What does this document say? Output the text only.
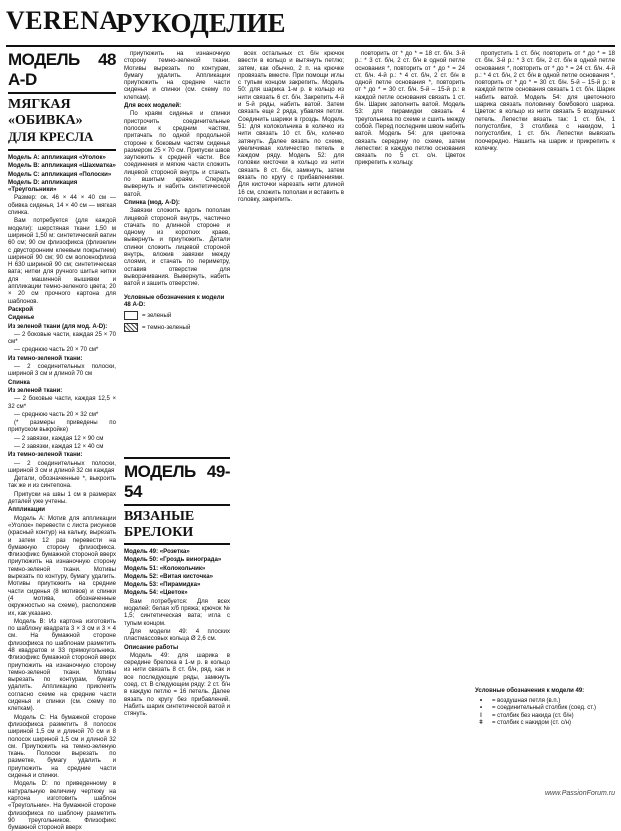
VERENA
РУКОДЕЛИЕ
МОДЕЛЬ 48 A-D
МЯГКАЯ «ОБИВКА»
ДЛЯ КРЕСЛА

Модель А: аппликация «Уголок»

Модель В: аппликация «Шахматка»

Модель С: аппликация «Полоски»

Модель D: аппликация «Треугольники»

Размер: ок. 46 × 44 × 40 см — обивка сиденья, 14 × 40 см — мягкая спинка.

Вам потребуется (для каждой модели): шерстяная ткани 1,50 м шириной 1,50 м: синтетический ватин 60 см; 90 см флизофикса (флизелин с двусторонним клеевым покрытием) шириной 90 см; 90 см волокнофлиза Н 630 шириной 90 см; синтетическая вата; нитки для ручного шитья нитки для машинной вышивки и аппликации темно-зеленого цвета; 20 × 20 см прочного картона для шаблонов.

Раскрой

Сиденье

Из зеленой ткани (для мод. A-D):

— 2 боковые части, каждая 25 × 70 см*

— среднюю часть 20 × 70 см*

Из темно-зеленой ткани:

— 2 соединительных полоски, шириной 3 см и длиной 70 см

Спинка

Из зеленой ткани:

— 2 боковые части, каждая 12,5 × 32 см*

— среднюю часть 20 × 32 см*

(* размеры приведены по припуском выкройке)

— 2 завязки, каждая 12 × 90 см

— 2 завязки, каждая 12 × 40 см

Из темно-зеленой ткани:

— 2 соединительных полоски, шириной 3 см и длиной 32 см каждая

Детали, обозначенные *, выкроить так же и из синтепона.

Припуски на швы 1 см в размерах деталей уже учтены.

Аппликации

Модель А: Мотив для аппликации «Уголок» перевести с листа рисунков (красный контур) на кальку, вырезать и затем 12 раз перевести на бумажную сторону флизофикса. Флизофикс бумажной стороной вверх приутюжить на изнаночную сторону темно-зеленой ткани. Мотивы вырезать по контуру, бумагу удалить. Мотивы приутюжить на средние части сиденья (8 мотивов) и спинки (4 мотива, обозначенные окружностью на схеме), расположив их, как указано.

Модель В: Из картона изготовить по шаблону квадрата 3 × 3 см и 3 × 4 см. На бумажной стороне флизофикса по шаблонам разметить 48 квадратов и 33 прямоугольника. Флизофикс бумажной стороной вверх приутюжить на изнаночную сторону темно-зеленой ткани. Мотивы вырезать по контурам, бумагу удалить. Аппликацию приклеить согласно схеме на средние части сиденья и спинки (см. схему по клеткам).

Модель С: На бумажной стороне флизофикса разметить 8 полосок шириной 1,5 см и длиной 70 см и 8 полосок шириной 1,5 см и длиной 32 см. Приутюжить на темно-зеленую ткань. Полоски вырезать по разметке, бумагу удалить и приутюжить на средние части сиденья и спинки.

Модель D: по приведенному в натуральную величину чертежу на картона изготовить шаблон «Треугольник». На бумажной стороне флизофикса по шаблону разметить 90 треугольников. Флизофикс бумажной стороной вверх

приутюжить на изнаночную сторону темно-зеленой ткани. Мотивы вырезать по контурам, бумагу удалить. Аппликации приутюжить на средние части сиденья и спинки (см. схему по клеткам).

Для всех моделей:

По краям сиденья и спинки пристрочить соединительные полоски к средним частям, притачать по одной продольной стороне к боковым частям сиденья размером 25 × 70 см. Припуски швов заутюжить к средней части. Все соединения и мягкие части сложить лицевой стороной внутрь и стачать по вшитым краям. Спереди вывернуть и набить синтетической ватой.

Спинка (мод. A-D):

Завязки сложить вдоль пополам лицевой стороной внутрь, частично стачать по длинной стороне и одному из коротких краев, вывернуть и приутюжить. Детали спинки сложить лицевой стороной внутрь, вложив завязки между слоями, и стачать по периметру, оставив отверстие для выворачивания. Вывернуть, набить ватой и зашить отверстие.

Условные обозначения к модели 48 А-D:

= зеленый
= темно-зеленый
МОДЕЛЬ 49-54
ВЯЗАНЫЕ БРЕЛОКИ

Модель 49: «Розетка»

Модель 50: «Гроздь винограда»

Модель 51: «Колокольчик»

Модель 52: «Витая кисточка»

Модель 53: «Пирамидка»

Модель 54: «Цветок»

Вам потребуется: Для всех моделей: белая х/б пряжа; крючок № 1,5; синтетическая вата; игла с тупым концом.

Для модели 49: 4 плоских пластмассовых кольца Ø 2,6 см.

Описание работы

Модель 49: для шарика в середине брелока в 1-м р. в кольцо из нити связать 8 ст. б/н, ряд, как и все последующие ряды, замкнуть соед. ст. В следующем ряду: 2 ст. б/н в каждую петлю = 16 петель. Далее вязать по кругу без прибавлений. Набить шарик синтетической ватой и стянуть.

всех остальных ст. б/н крючок ввести в кольцо и вытянуть петлю; затем, как обычно, 2 п. на крючке провязать вместе. При помощи иглы с тупым концом закрепить. Модель 50: для шарика 1-м р. в кольцо из нити связать 6 ст. б/н. Закрепить 4-й и 5-й ряды, набить ватой. Затем связать еще 2 ряда, убавляя петли. Соединить шарики в гроздь. Модель 51: для колокольчика в колечко из нити связать 10 ст. б/н, колечко затянуть. Далее вязать по схеме, увеличивая количество петель в каждом ряду. Модель 52: для головки кисточки в кольцо из нити связать 8 ст. б/н, замкнуть, затем вязать по кругу с прибавлениями. Для кисточки нарезать нити длиной 16 см, сложить пополам и вставить в головку, закрепить.

повторить от * до * = 18 ст. б/н. 3-й р.: * 3 ст. б/н, 2 ст. б/н в одной петле основания *, повторить от * до * = 24 ст. б/н. 4-й р.: * 4 ст. б/н, 2 ст. б/н в одной петле основания *, повторить от * до * = 30 ст. б/н. 5-й – 15-й р.: в каждой петле основания связать 1 ст. б/н. Шарик заполнить ватой. Модель 53: для пирамидки связать 4 треугольника по схеме и сшить между собой. Перед последним швом набить ватой. Модель 54: для цветочка связать середину по схеме, затем лепестки: в каждую петлю основания связать по 5 ст. с/н. Цветок прикрепить к кольцу.

пропустить 1 ст. б/н; повторить от * до * = 18 ст. б/н. 3-й р.: * 3 ст. б/н, 2 ст. б/н в одной петле основания *, повторить от * до * = 24 ст. б/н. 4-й р.: * 4 ст. б/н, 2 ст. б/н в одной петле основания *, повторить от * до * = 30 ст. б/н. 5-й – 15-й р.: в каждой петле основания связать 1 ст. б/н. Шарик набить ватой. Модель 54: для цветочного шарика связать половинку бомбового шарика. Цветок: в кольцо из нити связать 5 воздушных петель. Лепестки вязать так: 1 ст. б/н, 1 полустолбик, 3 столбика с накидом, 1 полустолбик, 1 ст. б/н. Лепестки вывязать поочередно. Нашить на шарик и прикрепить к колечку.

Условные обозначения к модели 49:

∘	= воздушная петля (в.п.)
•	= соединительный столбик (соед. ст.)
ǀ	= столбик без накида (ст. б/н)
ǂ	= столбик с накидом (ст. с/н)
www.PassionForum.ru
